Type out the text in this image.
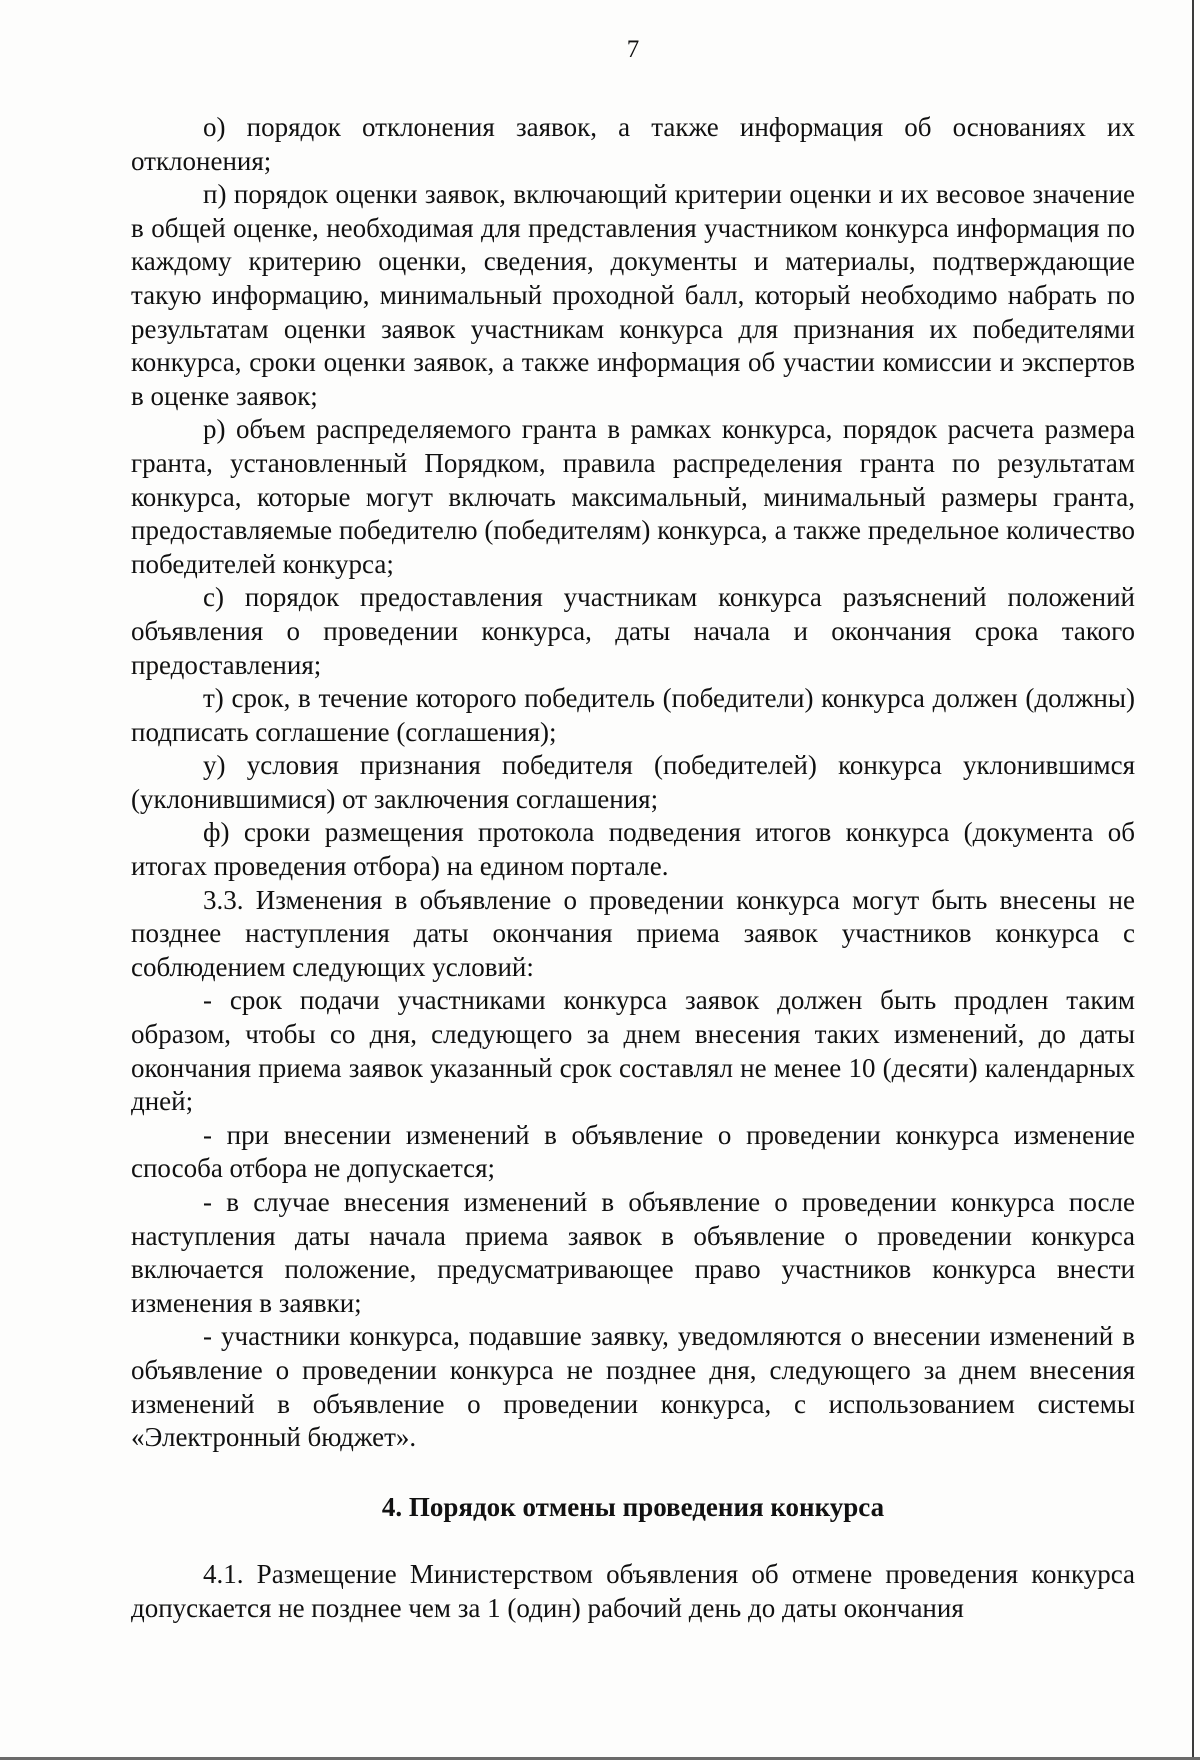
7

о) порядок отклонения заявок, а также информация об основаниях их отклонения;

п) порядок оценки заявок, включающий критерии оценки и их весовое значение в общей оценке, необходимая для представления участником конкурса информация по каждому критерию оценки, сведения, документы и материалы, подтверждающие такую информацию, минимальный проходной балл, который необходимо набрать по результатам оценки заявок участникам конкурса для признания их победителями конкурса, сроки оценки заявок, а также информация об участии комиссии и экспертов в оценке заявок;

р) объем распределяемого гранта в рамках конкурса, порядок расчета размера гранта, установленный Порядком, правила распределения гранта по результатам конкурса, которые могут включать максимальный, минимальный размеры гранта, предоставляемые победителю (победителям) конкурса, а также предельное количество победителей конкурса;

с) порядок предоставления участникам конкурса разъяснений положений объявления о проведении конкурса, даты начала и окончания срока такого предоставления;

т) срок, в течение которого победитель (победители) конкурса должен (должны) подписать соглашение (соглашения);

у) условия признания победителя (победителей) конкурса уклонившимся (уклонившимися) от заключения соглашения;

ф) сроки размещения протокола подведения итогов конкурса (документа об итогах проведения отбора) на едином портале.

3.3. Изменения в объявление о проведении конкурса могут быть внесены не позднее наступления даты окончания приема заявок участников конкурса с соблюдением следующих условий:

- срок подачи участниками конкурса заявок должен быть продлен таким образом, чтобы со дня, следующего за днем внесения таких изменений, до даты окончания приема заявок указанный срок составлял не менее 10 (десяти) календарных дней;

- при внесении изменений в объявление о проведении конкурса изменение способа отбора не допускается;

- в случае внесения изменений в объявление о проведении конкурса после наступления даты начала приема заявок в объявление о проведении конкурса включается положение, предусматривающее право участников конкурса внести изменения в заявки;

- участники конкурса, подавшие заявку, уведомляются о внесении изменений в объявление о проведении конкурса не позднее дня, следующего за днем внесения изменений в объявление о проведении конкурса, с использованием системы «Электронный бюджет».

4. Порядок отмены проведения конкурса

4.1. Размещение Министерством объявления об отмене проведения конкурса допускается не позднее чем за 1 (один) рабочий день до даты окончания
